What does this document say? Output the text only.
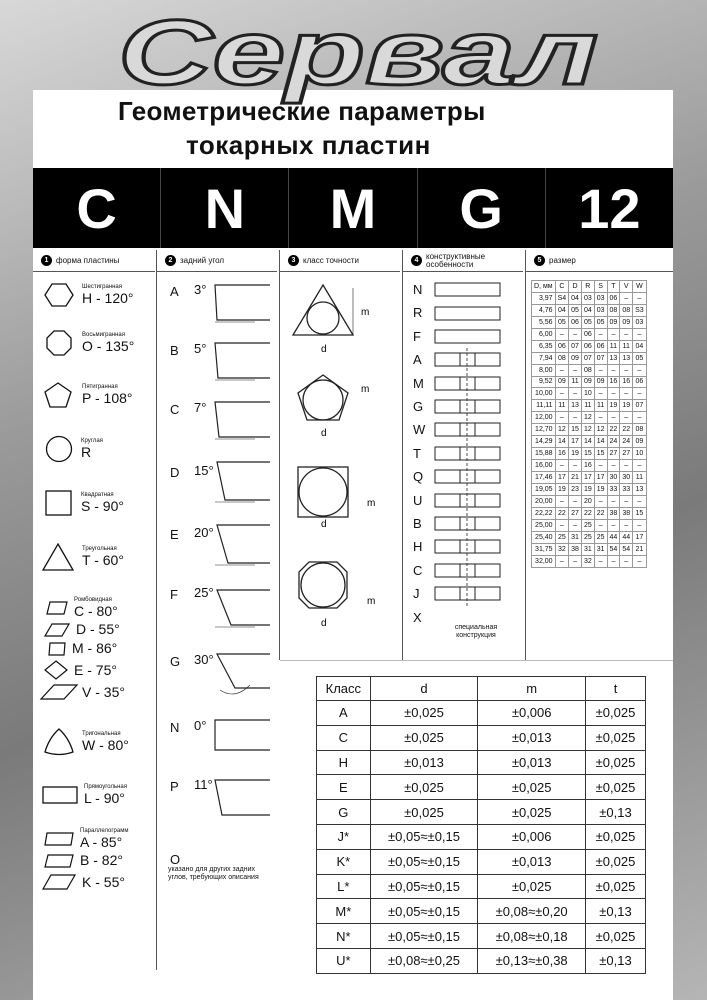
Сервал
Геометрические параметры
токарных пластин
C	N	M	G	12
1 форма пластины	2 задний угол	3 класс точности	4 конструктивные особенности	5 размер
Шестигранная
H - 120°
Восьмигранная
O - 135°
Пятигранная
P - 108°
Круглая
R
Квадратная
S - 90°
Треугольная
T - 60°
Ромбовидная
C - 80°
D - 55°
M - 86°
E - 75°
V - 35°
Тригональная
W - 80°
Прямоугольная
L - 90°
Параллелограмм
A - 85°
B - 82°
K - 55°
A 3°
B 5°
C 7°
D 15°
E 20°
F 25°
G 30°
N 0°
P 11°
O
указано для других задних углов, требующих описания
m
d
m
d
m
d
m
d
N
R
F
A
M
G
W
T
Q
U
B
H
C
J
X
специальная конструкция
D, мм	C	D	R	S	T	V	W
3,97	S4	04	03	03	06	–	–
4,76	04	05	04	03	08	08	S3
5,56	05	06	05	05	09	09	03
6,00	–	–	06	–	–	–	–
6,35	06	07	06	06	11	11	04
7,94	08	09	07	07	13	13	05
8,00	–	–	08	–	–	–	–
9,52	09	11	09	09	16	16	06
10,00	–	–	10	–	–	–	–
11,11	11	13	11	11	19	19	07
12,00	–	–	12	–	–	–	–
12,70	12	15	12	12	22	22	08
14,29	14	17	14	14	24	24	09
15,88	16	19	15	15	27	27	10
16,00	–	–	16	–	–	–	–
17,46	17	21	17	17	30	30	11
19,05	19	23	19	19	33	33	13
20,00	–	–	20	–	–	–	–
22,22	22	27	22	22	38	38	15
25,00	–	–	25	–	–	–	–
25,40	25	31	25	25	44	44	17
31,75	32	38	31	31	54	54	21
32,00	–	–	32	–	–	–	–
Класс	d	m	t
A	±0,025	±0,006	±0,025
C	±0,025	±0,013	±0,025
H	±0,013	±0,013	±0,025
E	±0,025	±0,025	±0,025
G	±0,025	±0,025	±0,13
J*	±0,05≈±0,15	±0,006	±0,025
K*	±0,05≈±0,15	±0,013	±0,025
L*	±0,05≈±0,15	±0,025	±0,025
M*	±0,05≈±0,15	±0,08≈±0,20	±0,13
N*	±0,05≈±0,15	±0,08≈±0,18	±0,025
U*	±0,08≈±0,25	±0,13≈±0,38	±0,13
